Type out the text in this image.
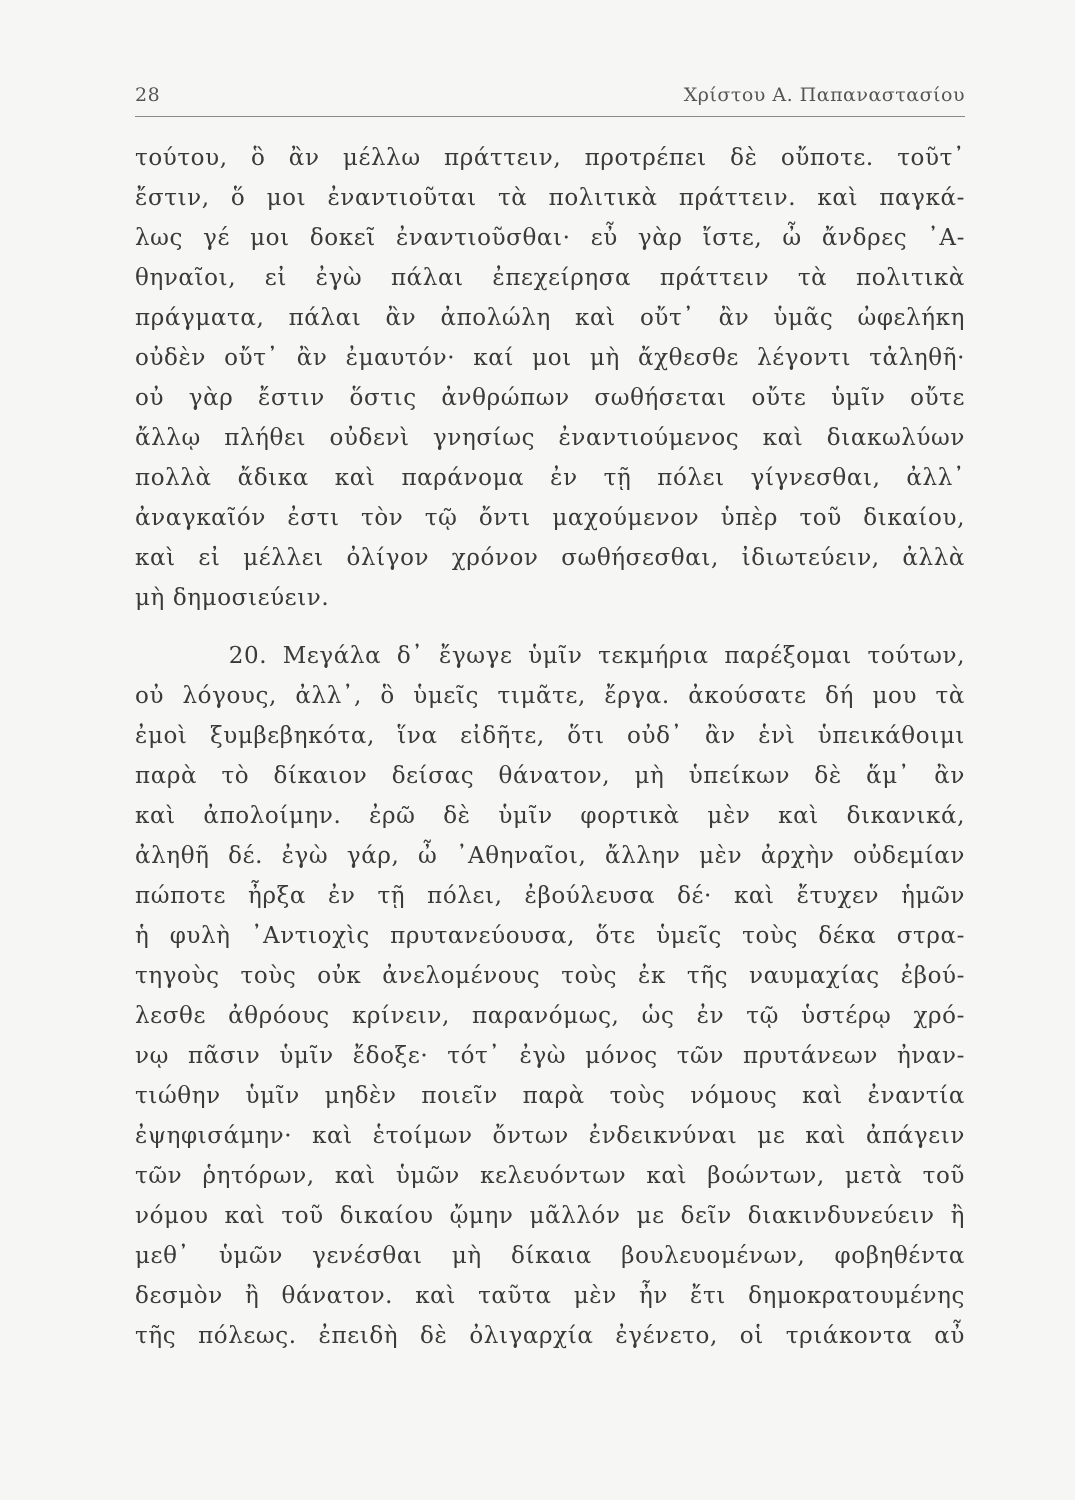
28	Χρίστου Α. Παπαναστασίου
τούτου, ὃ ἂν μέλλω πράττειν, προτρέπει δὲ οὔποτε. τοῦτ᾽
ἔστιν, ὅ μοι ἐναντιοῦται τὰ πολιτικὰ πράττειν. καὶ παγκά-
λως γέ μοι δοκεῖ ἐναντιοῦσθαι· εὖ γὰρ ἴστε, ὦ ἄνδρες ᾽Α-
θηναῖοι, εἰ ἐγὼ πάλαι ἐπεχείρησα πράττειν τὰ πολιτικὰ
πράγματα, πάλαι ἂν ἀπολώλη καὶ οὔτ᾽ ἂν ὑμᾶς ὠφελήκη
οὐδὲν οὔτ᾽ ἂν ἐμαυτόν· καί μοι μὴ ἄχθεσθε λέγοντι τἀληθῆ·
οὐ γὰρ ἔστιν ὅστις ἀνθρώπων σωθήσεται οὔτε ὑμῖν οὔτε
ἄλλῳ πλήθει οὐδενὶ γνησίως ἐναντιούμενος καὶ διακωλύων
πολλὰ ἄδικα καὶ παράνομα ἐν τῇ πόλει γίγνεσθαι, ἀλλ᾽
ἀναγκαῖόν ἐστι τὸν τῷ ὄντι μαχούμενον ὑπὲρ τοῦ δικαίου,
καὶ εἰ μέλλει ὀλίγον χρόνον σωθήσεσθαι, ἰδιωτεύειν, ἀλλὰ
μὴ δημοσιεύειν.
20. Μεγάλα δ᾽ ἔγωγε ὑμῖν τεκμήρια παρέξομαι τούτων,
οὐ λόγους, ἀλλ᾽, ὃ ὑμεῖς τιμᾶτε, ἔργα. ἀκούσατε δή μου τὰ
ἐμοὶ ξυμβεβηκότα, ἵνα εἰδῆτε, ὅτι οὐδ᾽ ἂν ἑνὶ ὑπεικάθοιμι
παρὰ τὸ δίκαιον δείσας θάνατον, μὴ ὑπείκων δὲ ἅμ᾽ ἂν
καὶ ἀπολοίμην. ἐρῶ δὲ ὑμῖν φορτικὰ μὲν καὶ δικανικά,
ἀληθῆ δέ. ἐγὼ γάρ, ὦ ᾽Αθηναῖοι, ἄλλην μὲν ἀρχὴν οὐδεμίαν
πώποτε ἦρξα ἐν τῇ πόλει, ἐβούλευσα δέ· καὶ ἔτυχεν ἡμῶν
ἡ φυλὴ ᾽Αντιοχὶς πρυτανεύουσα, ὅτε ὑμεῖς τοὺς δέκα στρα-
τηγοὺς τοὺς οὐκ ἀνελομένους τοὺς ἐκ τῆς ναυμαχίας ἐβού-
λεσθε ἀθρόους κρίνειν, παρανόμως, ὡς ἐν τῷ ὑστέρῳ χρό-
νῳ πᾶσιν ὑμῖν ἔδοξε· τότ᾽ ἐγὼ μόνος τῶν πρυτάνεων ἠναν-
τιώθην ὑμῖν μηδὲν ποιεῖν παρὰ τοὺς νόμους καὶ ἐναντία
ἐψηφισάμην· καὶ ἑτοίμων ὄντων ἐνδεικνύναι με καὶ ἀπάγειν
τῶν ῥητόρων, καὶ ὑμῶν κελευόντων καὶ βοώντων, μετὰ τοῦ
νόμου καὶ τοῦ δικαίου ᾤμην μᾶλλόν με δεῖν διακινδυνεύειν ἢ
μεθ᾽ ὑμῶν γενέσθαι μὴ δίκαια βουλευομένων, φοβηθέντα
δεσμὸν ἢ θάνατον. καὶ ταῦτα μὲν ἦν ἔτι δημοκρατουμένης
τῆς πόλεως. ἐπειδὴ δὲ ὀλιγαρχία ἐγένετο, οἱ τριάκοντα αὖ
